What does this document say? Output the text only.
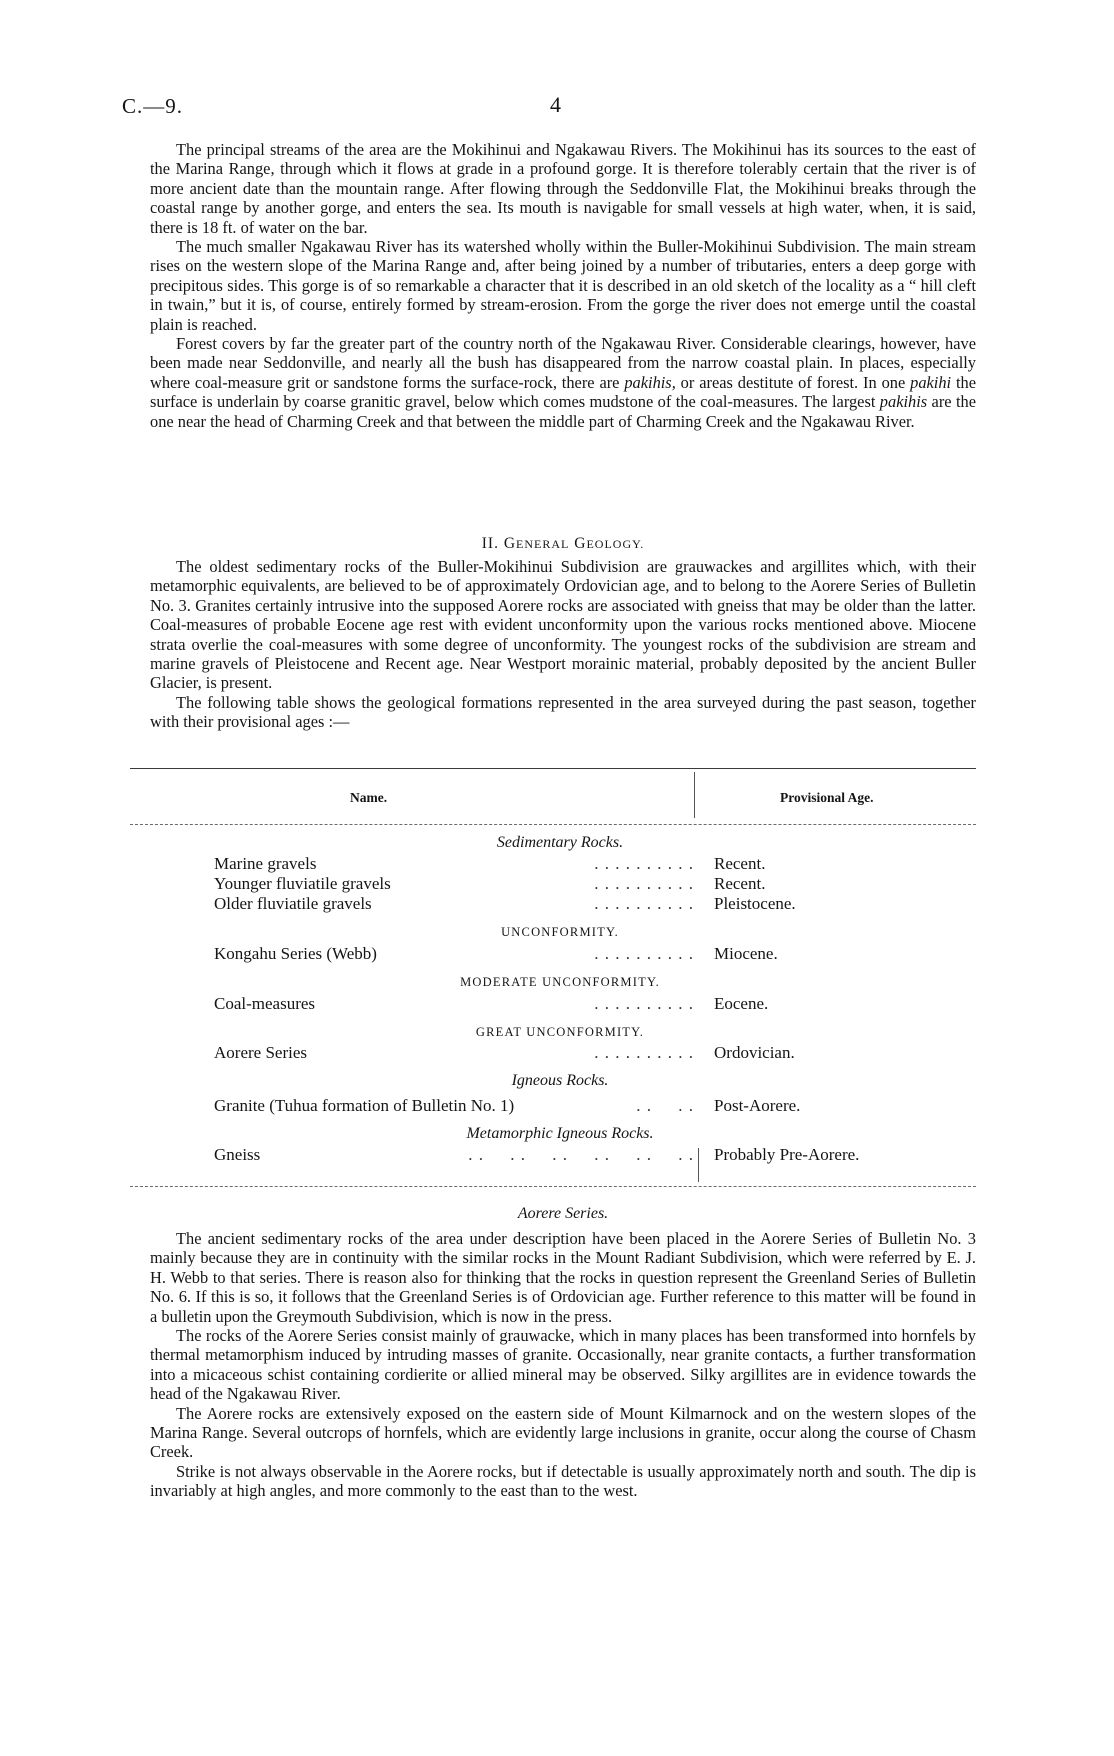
C.—9.	4

The principal streams of the area are the Mokihinui and Ngakawau Rivers. The Mokihinui has its sources to the east of the Marina Range, through which it flows at grade in a profound gorge. It is therefore tolerably certain that the river is of more ancient date than the mountain range. After flowing through the Seddonville Flat, the Mokihinui breaks through the coastal range by another gorge, and enters the sea. Its mouth is navigable for small vessels at high water, when, it is said, there is 18 ft. of water on the bar.

The much smaller Ngakawau River has its watershed wholly within the Buller-Mokihinui Subdivision. The main stream rises on the western slope of the Marina Range and, after being joined by a number of tributaries, enters a deep gorge with precipitous sides. This gorge is of so remarkable a character that it is described in an old sketch of the locality as a “ hill cleft in twain,” but it is, of course, entirely formed by stream-erosion. From the gorge the river does not emerge until the coastal plain is reached.

Forest covers by far the greater part of the country north of the Ngakawau River. Considerable clearings, however, have been made near Seddonville, and nearly all the bush has disappeared from the narrow coastal plain. In places, especially where coal-measure grit or sandstone forms the surface-rock, there are pakihis, or areas destitute of forest. In one pakihi the surface is underlain by coarse granitic gravel, below which comes mudstone of the coal-measures. The largest pakihis are the one near the head of Charming Creek and that between the middle part of Charming Creek and the Ngakawau River.

II. GENERAL GEOLOGY.

The oldest sedimentary rocks of the Buller-Mokihinui Subdivision are grauwackes and argillites which, with their metamorphic equivalents, are believed to be of approximately Ordovician age, and to belong to the Aorere Series of Bulletin No. 3. Granites certainly intrusive into the supposed Aorere rocks are associated with gneiss that may be older than the latter. Coal-measures of probable Eocene age rest with evident unconformity upon the various rocks mentioned above. Miocene strata overlie the coal-measures with some degree of unconformity. The youngest rocks of the subdivision are stream and marine gravels of Pleistocene and Recent age. Near Westport morainic material, probably deposited by the ancient Buller Glacier, is present.

The following table shows the geological formations represented in the area surveyed during the past season, together with their provisional ages :—

Name.	Provisional Age.
Sedimentary Rocks.
Marine gravels	. . . . . . . . . . Recent.
Younger fluviatile gravels	. . . . . . . . . . Recent.
Older fluviatile gravels	. . . . . . . . . . Pleistocene.
UNCONFORMITY.
Kongahu Series (Webb)	. . . . . . . . . . Miocene.
MODERATE UNCONFORMITY.
Coal-measures	. . . . . . . . . . Eocene.
GREAT UNCONFORMITY.
Aorere Series	. . . . . . . . . . Ordovician.
Igneous Rocks.
Granite (Tuhua formation of Bulletin No. 1)	. .     . . Post-Aorere.
Metamorphic Igneous Rocks.
Gneiss	. .     . .     . .     . .     . .     . . Probably Pre-Aorere.
Aorere Series.

The ancient sedimentary rocks of the area under description have been placed in the Aorere Series of Bulletin No. 3 mainly because they are in continuity with the similar rocks in the Mount Radiant Subdivision, which were referred by E. J. H. Webb to that series. There is reason also for thinking that the rocks in question represent the Greenland Series of Bulletin No. 6. If this is so, it follows that the Greenland Series is of Ordovician age. Further reference to this matter will be found in a bulletin upon the Greymouth Subdivision, which is now in the press.

The rocks of the Aorere Series consist mainly of grauwacke, which in many places has been transformed into hornfels by thermal metamorphism induced by intruding masses of granite. Occasionally, near granite contacts, a further transformation into a micaceous schist containing cordierite or allied mineral may be observed. Silky argillites are in evidence towards the head of the Ngakawau River.

The Aorere rocks are extensively exposed on the eastern side of Mount Kilmarnock and on the western slopes of the Marina Range. Several outcrops of hornfels, which are evidently large inclusions in granite, occur along the course of Chasm Creek.

Strike is not always observable in the Aorere rocks, but if detectable is usually approximately north and south. The dip is invariably at high angles, and more commonly to the east than to the west.
